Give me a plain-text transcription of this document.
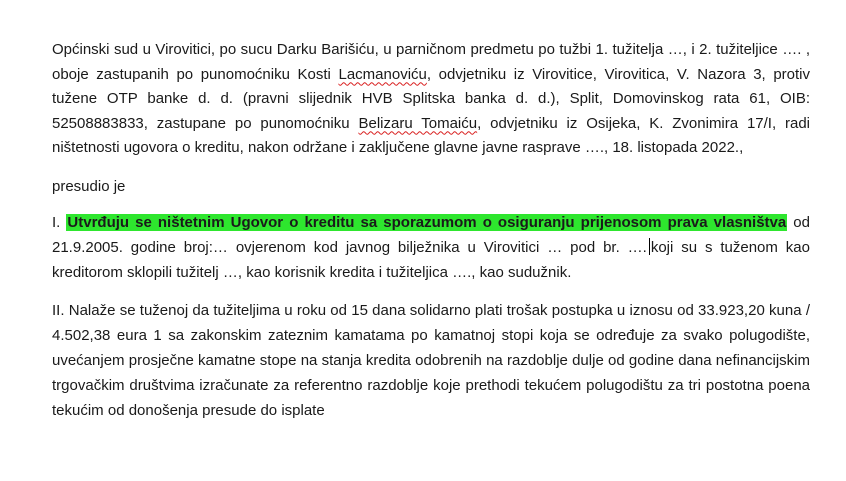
Općinski sud u Virovitici, po sucu Darku Barišiću, u parničnom predmetu po tužbi 1. tužitelja …, i 2. tužiteljice …. , oboje zastupanih po punomoćniku Kosti Lacmanoviću, odvjetniku iz Virovitice, Virovitica, V. Nazora 3, protiv tužene OTP banke d. d. (pravni slijednik HVB Splitska banka d. d.), Split, Domovinskog rata 61, OIB: 52508883833, zastupane po punomoćniku Belizaru Tomaiću, odvjetniku iz Osijeka, K. Zvonimira 17/I, radi ništetnosti ugovora o kreditu, nakon održane i zaključene glavne javne rasprave …., 18. listopada 2022.,

presudio je

I. Utvrđuju se ništetnim Ugovor o kreditu sa sporazumom o osiguranju prijenosom prava vlasništva od 21.9.2005. godine broj:… ovjerenom kod javnog bilježnika u Virovitici … pod br. …. koji su s tuženom kao kreditorom sklopili tužitelj …, kao korisnik kredita i tužiteljica …., kao sudužnik.

II. Nalaže se tuženoj da tužiteljima u roku od 15 dana solidarno plati trošak postupka u iznosu od 33.923,20 kuna / 4.502,38 eura 1 sa zakonskim zateznim kamatama po kamatnoj stopi koja se određuje za svako polugodište, uvećanjem prosječne kamatne stope na stanja kredita odobrenih na razdoblje dulje od godine dana nefinancijskim trgovačkim društvima izračunate za referentno razdoblje koje prethodi tekućem polugodištu za tri postotna poena tekućim od donošenja presude do isplate
